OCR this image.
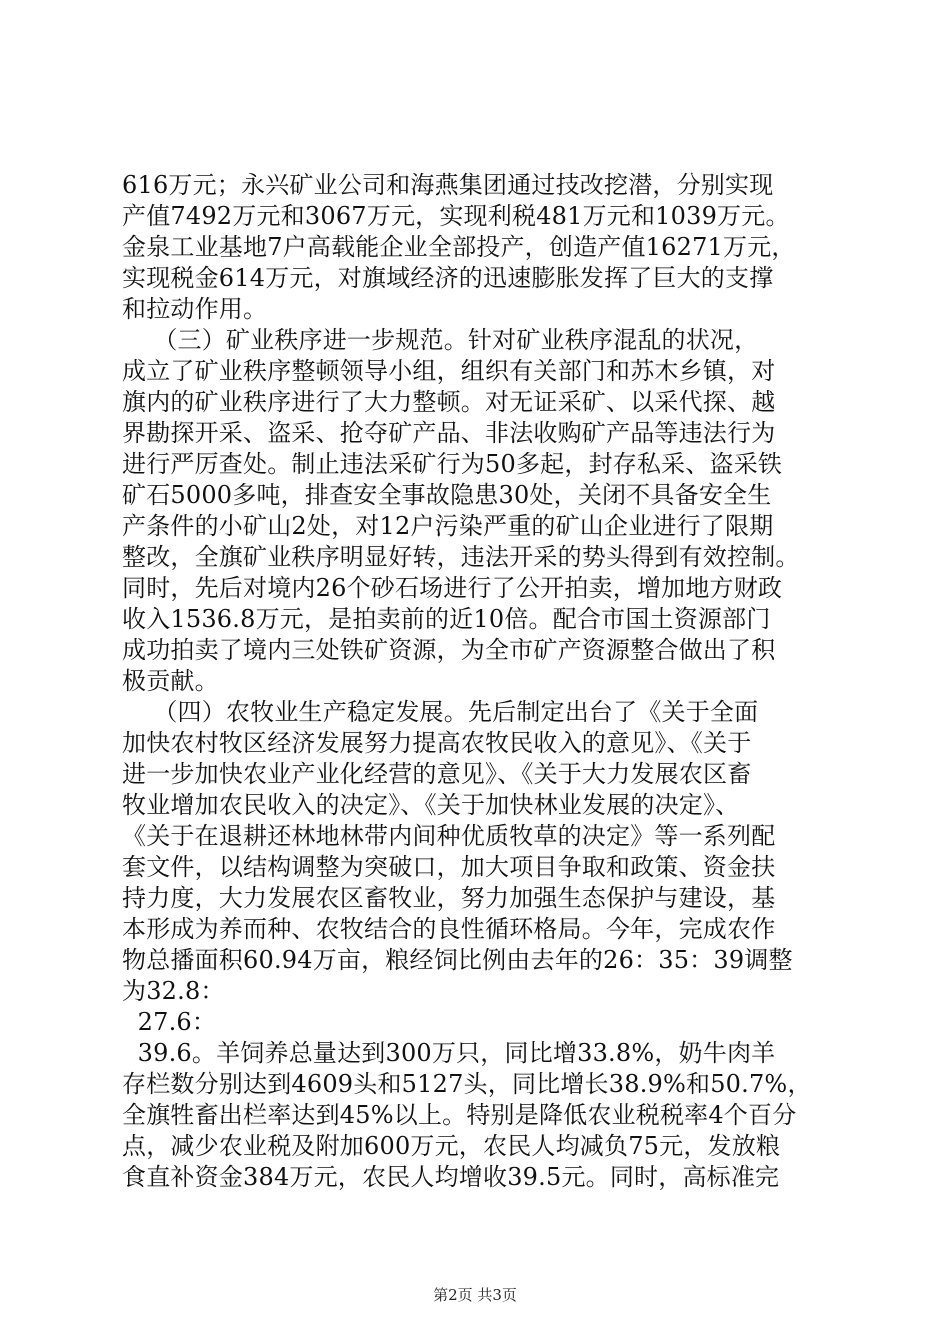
616万元；永兴矿业公司和海燕集团通过技改挖潜，分别实现
产值7492万元和3067万元，实现利税481万元和1039万元。
金泉工业基地7户高载能企业全部投产，创造产值16271万元，
实现税金614万元，对旗域经济的迅速膨胀发挥了巨大的支撑
和拉动作用。
（三）矿业秩序进一步规范。针对矿业秩序混乱的状况，
成立了矿业秩序整顿领导小组，组织有关部门和苏木乡镇，对
旗内的矿业秩序进行了大力整顿。对无证采矿、以采代探、越
界勘探开采、盗采、抢夺矿产品、非法收购矿产品等违法行为
进行严厉查处。制止违法采矿行为50多起，封存私采、盗采铁
矿石5000多吨，排查安全事故隐患30处，关闭不具备安全生
产条件的小矿山2处，对12户污染严重的矿山企业进行了限期
整改，全旗矿业秩序明显好转，违法开采的势头得到有效控制。
同时，先后对境内26个砂石场进行了公开拍卖，增加地方财政
收入1536.8万元，是拍卖前的近10倍。配合市国土资源部门
成功拍卖了境内三处铁矿资源，为全市矿产资源整合做出了积
极贡献。
（四）农牧业生产稳定发展。先后制定出台了《关于全面
加快农村牧区经济发展努力提高农牧民收入的意见》、《关于
进一步加快农业产业化经营的意见》、《关于大力发展农区畜
牧业增加农民收入的决定》、《关于加快林业发展的决定》、
《关于在退耕还林地林带内间种优质牧草的决定》等一系列配
套文件，以结构调整为突破口，加大项目争取和政策、资金扶
持力度，大力发展农区畜牧业，努力加强生态保护与建设，基
本形成为养而种、农牧结合的良性循环格局。今年，完成农作
物总播面积60.94万亩，粮经饲比例由去年的26：35：39调整
为32.8：
27.6：
39.6。羊饲养总量达到300万只，同比增33.8%，奶牛肉羊
存栏数分别达到4609头和5127头，同比增长38.9%和50.7%，
全旗牲畜出栏率达到45%以上。特别是降低农业税税率4个百分
点，减少农业税及附加600万元，农民人均减负75元，发放粮
食直补资金384万元，农民人均增收39.5元。同时，高标准完
第2页 共3页
